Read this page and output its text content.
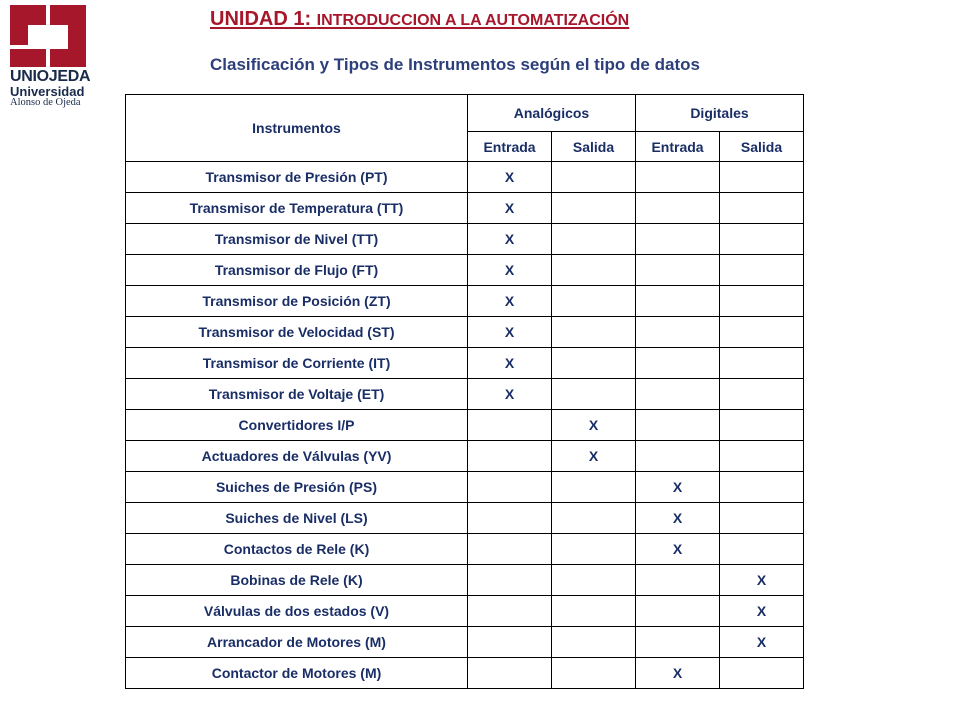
UNIOJEDA
Universidad
Alonso de Ojeda
UNIDAD 1: INTRODUCCION A LA AUTOMATIZACIÓN
Clasificación y Tipos de Instrumentos según el tipo de datos
Instrumentos	Analógicos		Digitales	
	Entrada	Salida	Entrada	Salida
Transmisor de Presión (PT)	X			
Transmisor de Temperatura (TT)	X			
Transmisor de Nivel (TT)	X			
Transmisor de Flujo (FT)	X			
Transmisor de Posición (ZT)	X			
Transmisor de Velocidad (ST)	X			
Transmisor de Corriente (IT)	X			
Transmisor de Voltaje (ET)	X			
Convertidores I/P		X		
Actuadores de Válvulas (YV)		X		
Suiches de Presión (PS)			X	
Suiches de Nivel (LS)			X	
Contactos de Rele (K)			X	
Bobinas de Rele (K)				X
Válvulas de dos estados (V)				X
Arrancador de Motores (M)				X
Contactor de Motores (M)			X	
